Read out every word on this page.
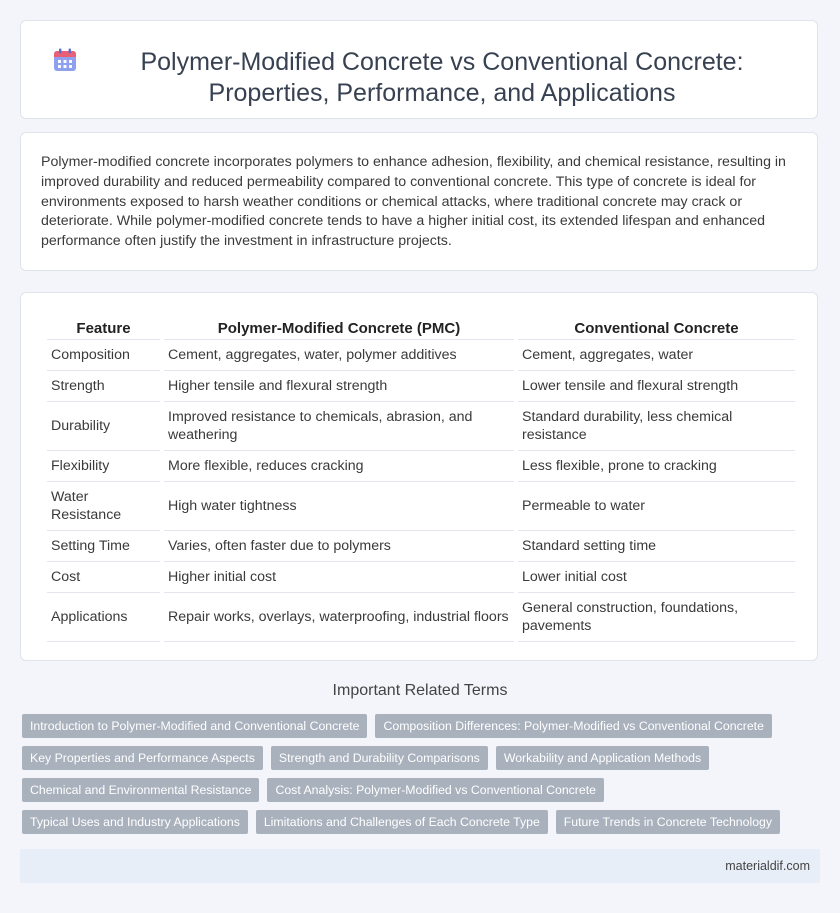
Polymer-Modified Concrete vs Conventional Concrete: Properties, Performance, and Applications

Polymer-modified concrete incorporates polymers to enhance adhesion, flexibility, and chemical resistance, resulting in improved durability and reduced permeability compared to conventional concrete. This type of concrete is ideal for environments exposed to harsh weather conditions or chemical attacks, where traditional concrete may crack or deteriorate. While polymer-modified concrete tends to have a higher initial cost, its extended lifespan and enhanced performance often justify the investment in infrastructure projects.

Feature	Polymer-Modified Concrete (PMC)	Conventional Concrete
Composition	Cement, aggregates, water, polymer additives	Cement, aggregates, water
Strength	Higher tensile and flexural strength	Lower tensile and flexural strength
Durability	Improved resistance to chemicals, abrasion, and weathering	Standard durability, less chemical resistance
Flexibility	More flexible, reduces cracking	Less flexible, prone to cracking
Water Resistance	High water tightness	Permeable to water
Setting Time	Varies, often faster due to polymers	Standard setting time
Cost	Higher initial cost	Lower initial cost
Applications	Repair works, overlays, waterproofing, industrial floors	General construction, foundations, pavements
Important Related Terms
Introduction to Polymer-Modified and Conventional Concrete	Composition Differences: Polymer-Modified vs Conventional Concrete
Key Properties and Performance Aspects	Strength and Durability Comparisons	Workability and Application Methods
Chemical and Environmental Resistance	Cost Analysis: Polymer-Modified vs Conventional Concrete
Typical Uses and Industry Applications	Limitations and Challenges of Each Concrete Type	Future Trends in Concrete Technology
materialdif.com
